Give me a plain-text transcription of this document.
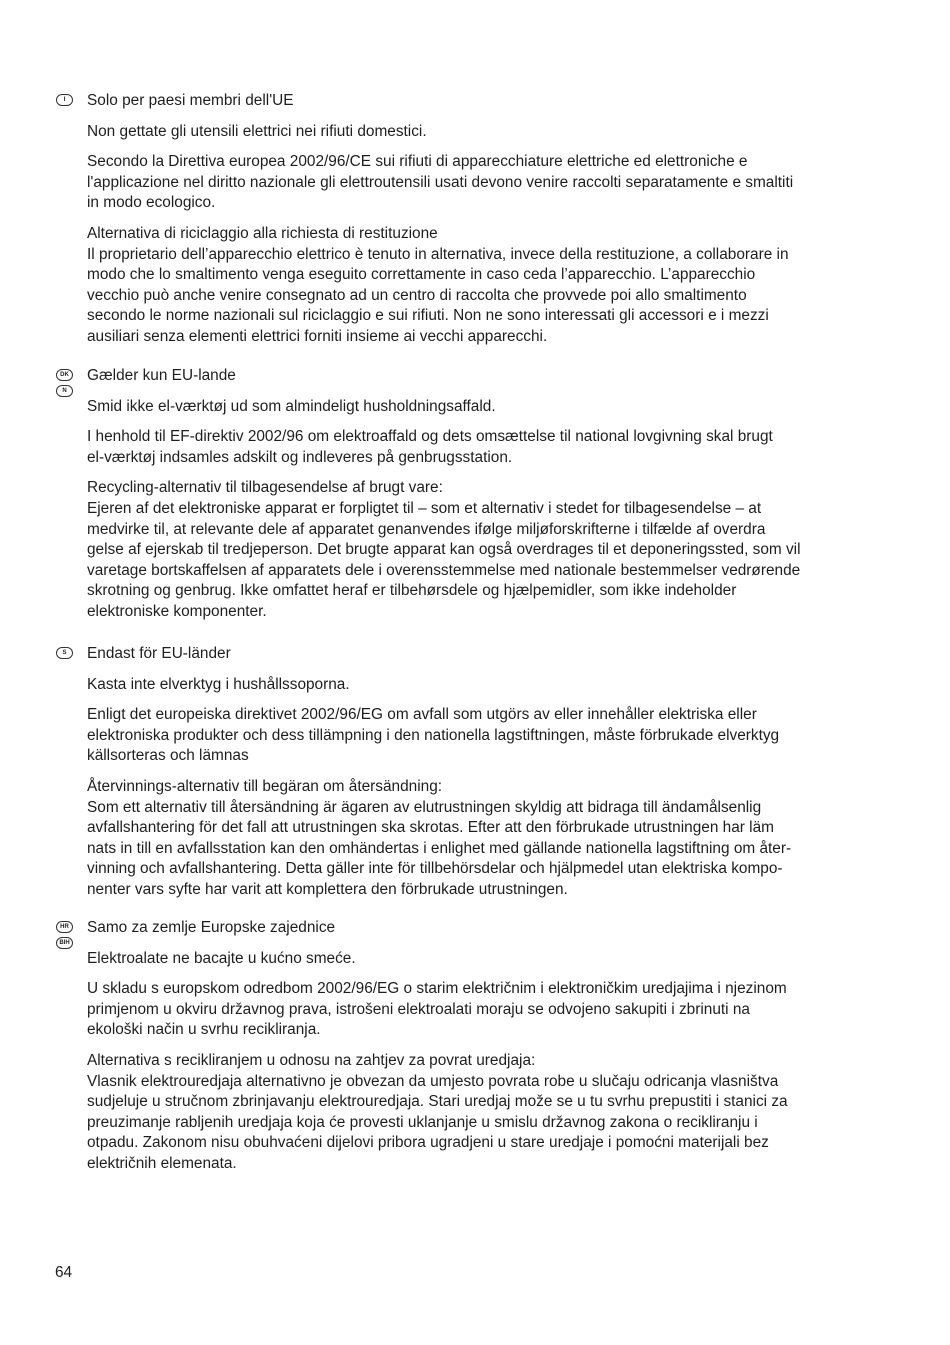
I	Solo per paesi membri dell'UE

Non gettate gli utensili elettrici nei rifiuti domestici.

Secondo la Direttiva europea 2002/96/CE sui rifiuti di apparecchiature elettriche ed elettroniche e
l'applicazione nel diritto nazionale gli elettroutensili usati devono venire raccolti separatamente e smaltiti
in modo ecologico.

Alternativa di riciclaggio alla richiesta di restituzione
Il proprietario dell’apparecchio elettrico è tenuto in alternativa, invece della restituzione, a collaborare in
modo che lo smaltimento venga eseguito correttamente in caso ceda l’apparecchio. L’apparecchio
vecchio può anche venire consegnato ad un centro di raccolta che provvede poi allo smaltimento
secondo le norme nazionali sul riciclaggio e sui rifiuti. Non ne sono interessati gli accessori e i mezzi
ausiliari senza elementi elettrici forniti insieme ai vecchi apparecchi.

DK
N

Gælder kun EU-lande

Smid ikke el-værktøj ud som almindeligt husholdningsaffald.

I henhold til EF-direktiv 2002/96 om elektroaffald og dets omsættelse til national lovgivning skal brugt
el-værktøj indsamles adskilt og indleveres på genbrugsstation.

Recycling-alternativ til tilbagesendelse af brugt vare:
Ejeren af det elektroniske apparat er forpligtet til – som et alternativ i stedet for tilbagesendelse – at
medvirke til, at relevante dele af apparatet genanvendes ifølge miljøforskrifterne i tilfælde af overdra
gelse af ejerskab til tredjeperson. Det brugte apparat kan også overdrages til et deponeringssted, som vil
varetage bortskaffelsen af apparatets dele i overensstemmelse med nationale bestemmelser vedrørende
skrotning og genbrug. Ikke omfattet heraf er tilbehørsdele og hjælpemidler, som ikke indeholder
elektroniske komponenter.

S	Endast för EU-länder

Kasta inte elverktyg i hushållssoporna.

Enligt det europeiska direktivet 2002/96/EG om avfall som utgörs av eller innehåller elektriska eller
elektroniska produkter och dess tillämpning i den nationella lagstiftningen, måste förbrukade elverktyg
källsorteras och lämnas

Återvinnings-alternativ till begäran om återsändning:
Som ett alternativ till återsändning är ägaren av elutrustningen skyldig att bidraga till ändamålsenlig
avfallshantering för det fall att utrustningen ska skrotas. Efter att den förbrukade utrustningen har läm
nats in till en avfallsstation kan den omhändertas i enlighet med gällande nationella lagstiftning om åter-
vinning och avfallshantering. Detta gäller inte för tillbehörsdelar och hjälpmedel utan elektriska kompo-
nenter vars syfte har varit att komplettera den förbrukade utrustningen.

HR
BIH

Samo za zemlje Europske zajednice

Elektroalate ne bacajte u kućno smeće.

U skladu s europskom odredbom 2002/96/EG o starim električnim i elektroničkim uredjajima i njezinom
primjenom u okviru državnog prava, istrošeni elektroalati moraju se odvojeno sakupiti i zbrinuti na
ekološki način u svrhu recikliranja.

Alternativa s recikliranjem u odnosu na zahtjev za povrat uredjaja:
Vlasnik elektrouredjaja alternativno je obvezan da umjesto povrata robe u slučaju odricanja vlasništva
sudjeluje u stručnom zbrinjavanju elektrouredjaja. Stari uredjaj može se u tu svrhu prepustiti i stanici za
preuzimanje rabljenih uredjaja koja će provesti uklanjanje u smislu državnog zakona o recikliranju i
otpadu. Zakonom nisu obuhvaćeni dijelovi pribora ugradjeni u stare uredjaje i pomoćni materijali bez
električnih elemenata.

64
